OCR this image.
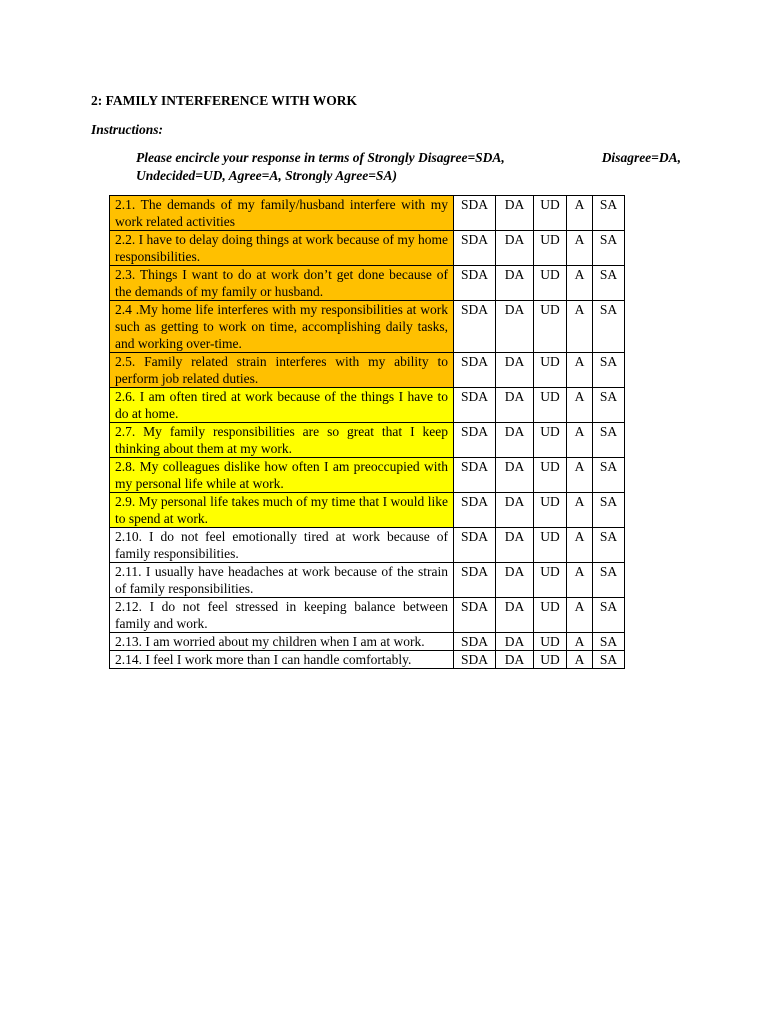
2: FAMILY INTERFERENCE WITH WORK
Instructions:
Please encircle your response in terms of Strongly Disagree=SDA,	Disagree=DA,
Undecided=UD, Agree=A, Strongly Agree=SA)
2.1. The demands of my family/husband interfere with my work related activities	SDA	DA	UD	A	SA
2.2. I have to delay doing things at work because of my home responsibilities.	SDA	DA	UD	A	SA
2.3. Things I want to do at work don’t get done because of the demands of my family or husband.	SDA	DA	UD	A	SA
2.4 .My home life interferes with my responsibilities at work such as getting to work on time, accomplishing daily tasks, and working over-time.	SDA	DA	UD	A	SA
2.5. Family related strain interferes with my ability to perform job related duties.	SDA	DA	UD	A	SA
2.6. I am often tired at work because of the things I have to do at home.	SDA	DA	UD	A	SA
2.7. My family responsibilities are so great that I keep thinking about them at my work.	SDA	DA	UD	A	SA
2.8. My colleagues dislike how often I am preoccupied with my personal life while at work.	SDA	DA	UD	A	SA
2.9. My personal life takes much of my time that I would like to spend at work.	SDA	DA	UD	A	SA
2.10. I do not feel emotionally tired at work because of family responsibilities.	SDA	DA	UD	A	SA
2.11. I usually have headaches at work because of the strain of family responsibilities.	SDA	DA	UD	A	SA
2.12. I do not feel stressed in keeping balance between family and work.	SDA	DA	UD	A	SA
2.13. I am worried about my children when I am at work.	SDA	DA	UD	A	SA
2.14. I feel I work more than I can handle comfortably.	SDA	DA	UD	A	SA
